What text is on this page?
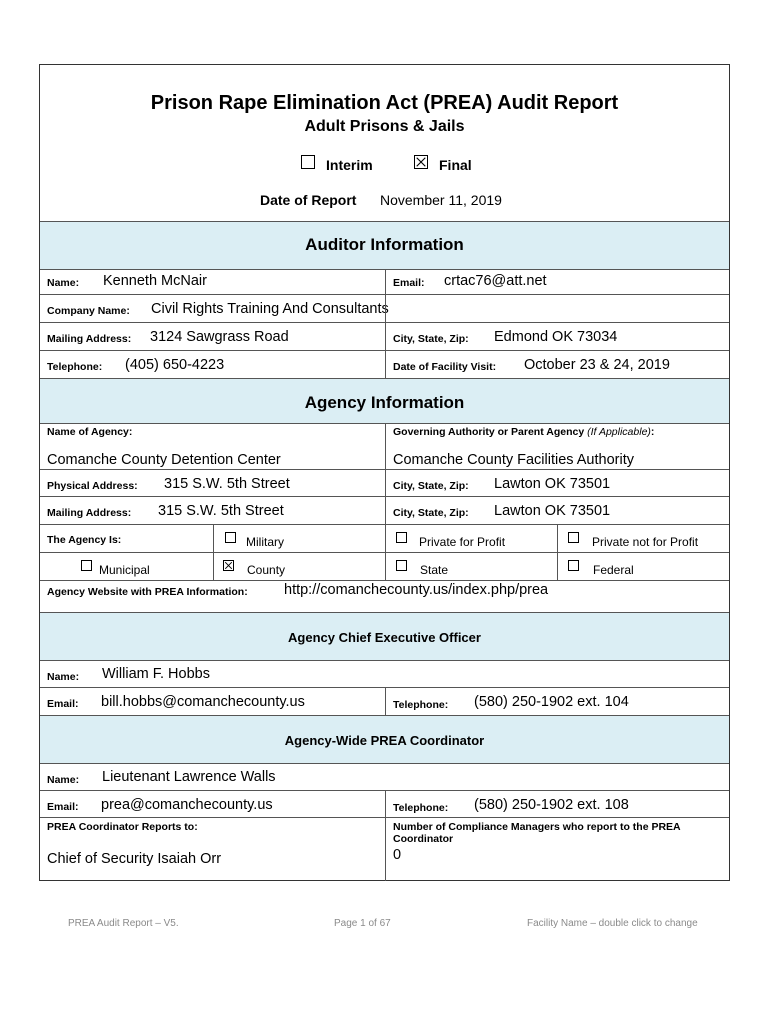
Prison Rape Elimination Act (PREA) Audit Report
Adult Prisons & Jails
Interim	Final
Date of Report November 11, 2019
Auditor Information
Name: Kenneth McNair	Email: crtac76@att.net
Company Name: Civil Rights Training And Consultants
Mailing Address: 3124 Sawgrass Road	City, State, Zip: Edmond OK 73034
Telephone: (405) 650-4223	Date of Facility Visit: October 23 & 24, 2019
Agency Information
Name of Agency:	Governing Authority or Parent Agency (If Applicable):
Comanche County Detention Center	Comanche County Facilities Authority
Physical Address: 315 S.W. 5th Street	City, State, Zip: Lawton OK 73501
Mailing Address: 315 S.W. 5th Street	City, State, Zip: Lawton OK 73501
The Agency Is:	Military	Private for Profit	Private not for Profit
Municipal	County	State	Federal
Agency Website with PREA Information:	http://comanchecounty.us/index.php/prea
Agency Chief Executive Officer
Name: William F. Hobbs
Email: bill.hobbs@comanchecounty.us	Telephone: (580) 250-1902 ext. 104
Agency-Wide PREA Coordinator
Name: Lieutenant Lawrence Walls
Email: prea@comanchecounty.us	Telephone: (580) 250-1902 ext. 108
PREA Coordinator Reports to:	Number of Compliance Managers who report to the PREA Coordinator
Chief of Security Isaiah Orr	0
PREA Audit Report – V5.	Page 1 of 67	Facility Name – double click to change
